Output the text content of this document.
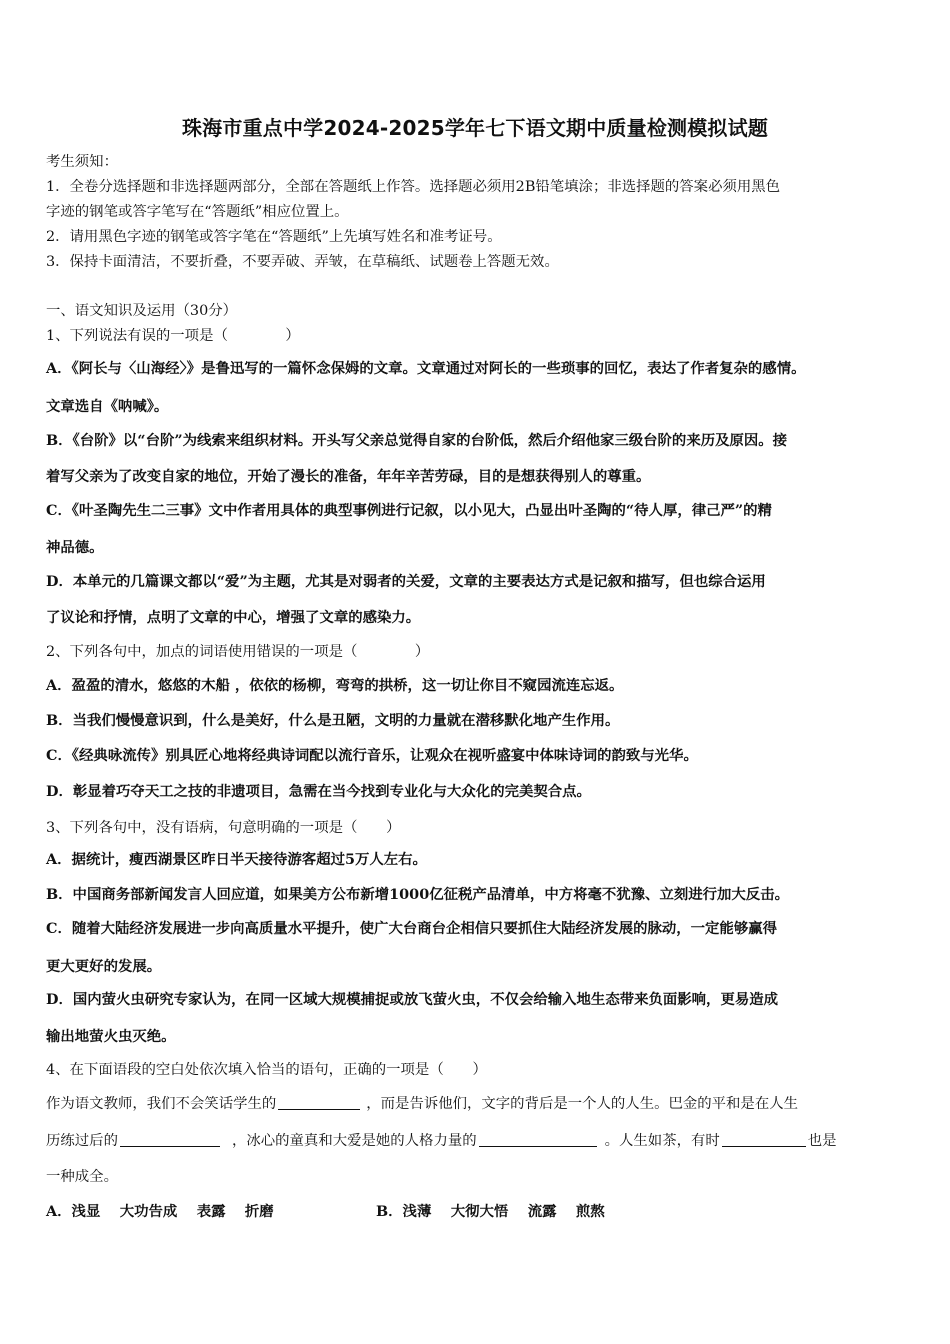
珠海市重点中学2024-2025学年七下语文期中质量检测模拟试题
考生须知：
1．全卷分选择题和非选择题两部分，全部在答题纸上作答。选择题必须用2B铅笔填涂；非选择题的答案必须用黑色
字迹的钢笔或答字笔写在“答题纸”相应位置上。
2．请用黑色字迹的钢笔或答字笔在“答题纸”上先填写姓名和准考证号。
3．保持卡面清洁，不要折叠，不要弄破、弄皱，在草稿纸、试题卷上答题无效。
一、语文知识及运用（30分）
1、下列说法有误的一项是（　　　　）
A．《阿长与〈山海经〉》是鲁迅写的一篇怀念保姆的文章。文章通过对阿长的一些琐事的回忆，表达了作者复杂的感情。
文章选自《呐喊》。
B．《台阶》以“台阶”为线索来组织材料。开头写父亲总觉得自家的台阶低，然后介绍他家三级台阶的来历及原因。接
着写父亲为了改变自家的地位，开始了漫长的准备，年年辛苦劳碌，目的是想获得别人的尊重。
C．《叶圣陶先生二三事》文中作者用具体的典型事例进行记叙，以小见大，凸显出叶圣陶的“待人厚，律己严”的精
神品德。
D．本单元的几篇课文都以“爱”为主题，尤其是对弱者的关爱，文章的主要表达方式是记叙和描写，但也综合运用
了议论和抒情，点明了文章的中心，增强了文章的感染力。
2、下列各句中，加点的词语使用错误的一项是（　　　　）
A．盈盈的清水，悠悠的木船 ，依依的杨柳，弯弯的拱桥，这一切让你目不窥园流连忘返。
B．当我们慢慢意识到，什么是美好，什么是丑陋，文明的力量就在潜移默化地产生作用。
C．《经典咏流传》别具匠心地将经典诗词配以流行音乐，让观众在视听盛宴中体味诗词的韵致与光华。
D．彰显着巧夺天工之技的非遗项目，急需在当今找到专业化与大众化的完美契合点。
3、下列各句中，没有语病，句意明确的一项是（　　）
A．据统计，瘦西湖景区昨日半天接待游客超过5万人左右。
B．中国商务部新闻发言人回应道，如果美方公布新增1000亿征税产品清单，中方将毫不犹豫、立刻进行加大反击。
C．随着大陆经济发展进一步向高质量水平提升，使广大台商台企相信只要抓住大陆经济发展的脉动，一定能够赢得
更大更好的发展。
D．国内萤火虫研究专家认为，在同一区域大规模捕捉或放飞萤火虫，不仅会给输入地生态带来负面影响，更易造成
输出地萤火虫灭绝。
4、在下面语段的空白处依次填入恰当的语句，正确的一项是（　　）
作为语文教师，我们不会笑话学生的	，而是告诉他们，文字的背后是一个人的人生。巴金的平和是在人生
历练过后的	，冰心的童真和大爱是她的人格力量的	。人生如茶，有时	也是
一种成全。
A．浅显　 大功告成　 表露　 折磨	B．浅薄　 大彻大悟　 流露　 煎熬
